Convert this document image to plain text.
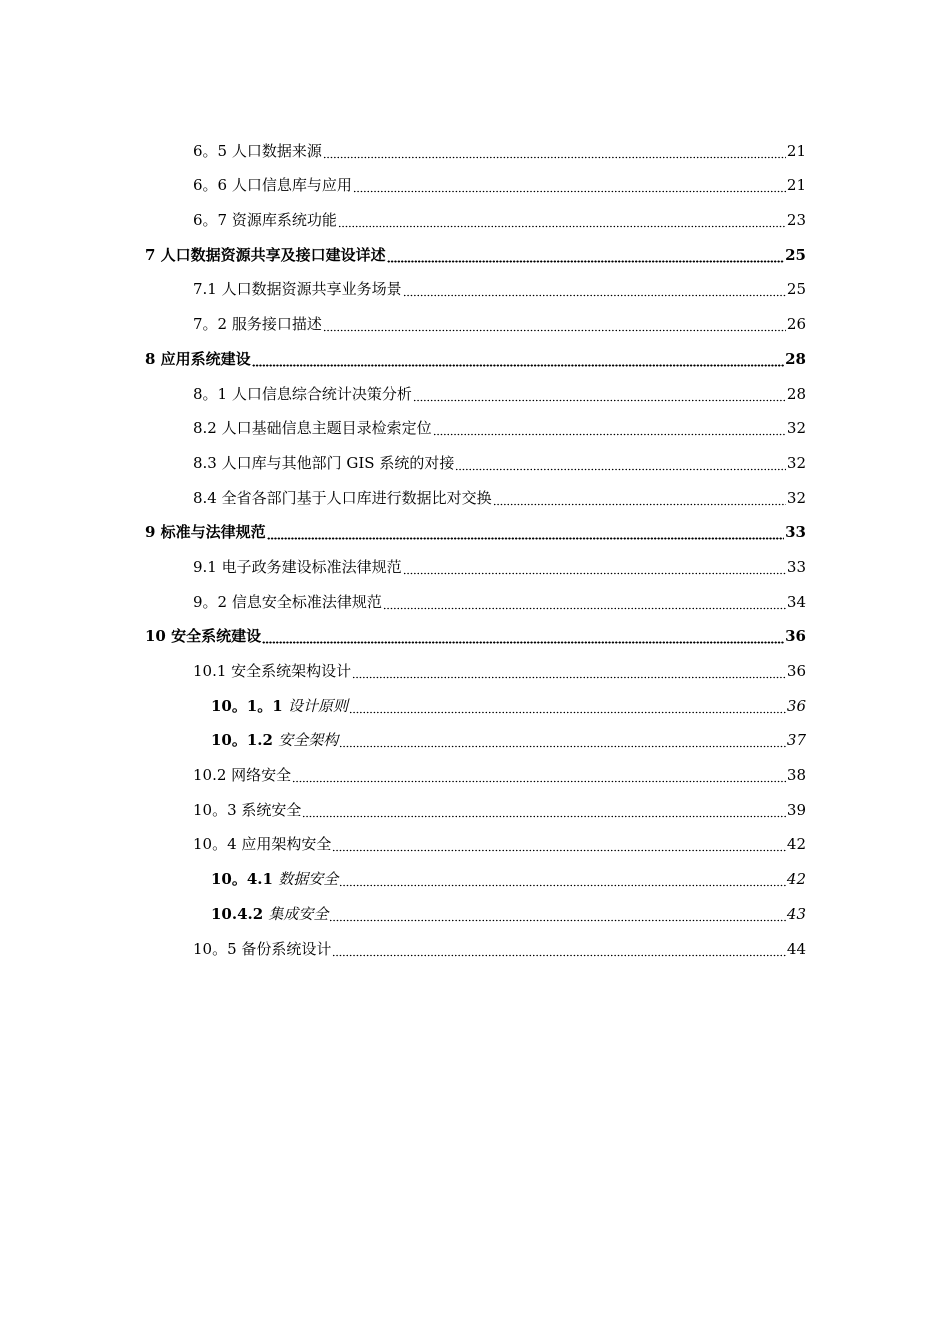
6。5 人口数据来源	21
6。6 人口信息库与应用	21
6。7 资源库系统功能	23
7 人口数据资源共享及接口建设详述	25
7.1 人口数据资源共享业务场景	25
7。2 服务接口描述	26
8 应用系统建设	28
8。1 人口信息综合统计决策分析	28
8.2 人口基础信息主题目录检索定位	32
8.3 人口库与其他部门 GIS 系统的对接	32
8.4 全省各部门基于人口库进行数据比对交换	32
9 标准与法律规范	33
9.1 电子政务建设标准法律规范	33
9。2 信息安全标准法律规范	34
10 安全系统建设	36
10.1 安全系统架构设计	36
10。1。1 设计原则	36
10。1.2 安全架构	37
10.2 网络安全	38
10。3 系统安全	39
10。4 应用架构安全	42
10。4.1 数据安全	42
10.4.2 集成安全	43
10。5 备份系统设计	44
